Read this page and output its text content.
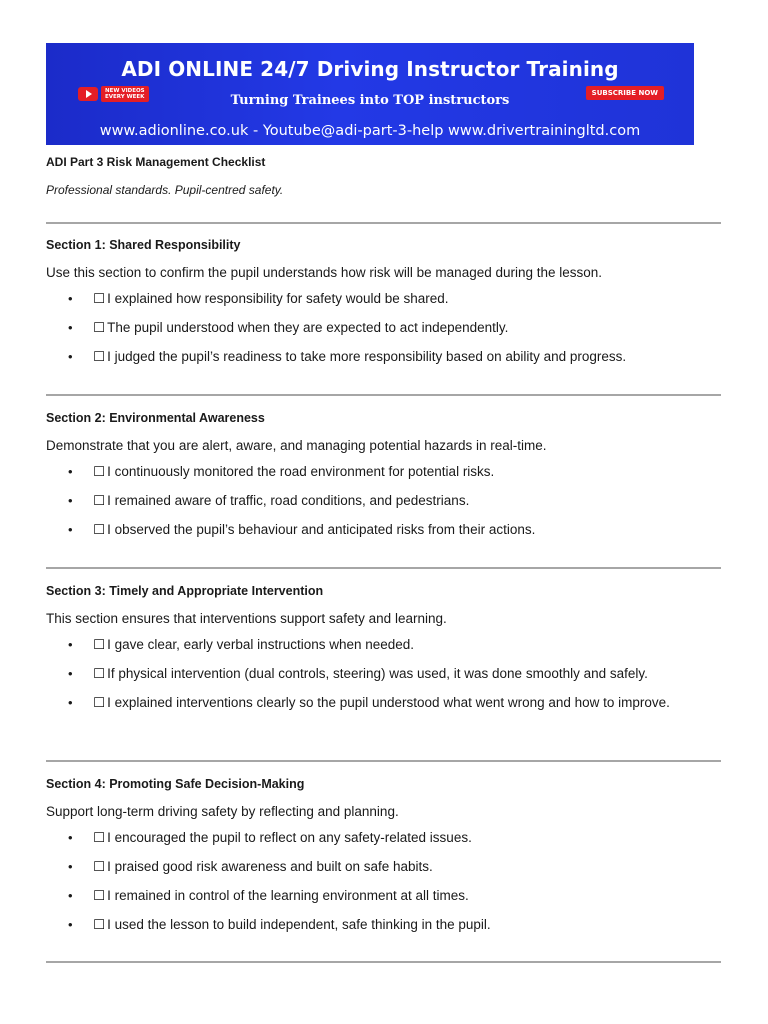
ADI ONLINE 24/7 Driving Instructor Training
NEW VIDEOS
EVERY WEEK	Turning Trainees into TOP instructors	SUBSCRIBE NOW
www.adionline.co.uk - Youtube@adi-part-3-help www.drivertrainingltd.com
ADI Part 3 Risk Management Checklist
Professional standards. Pupil-centred safety.
Section 1: Shared Responsibility
Use this section to confirm the pupil understands how risk will be managed during the lesson.
• ☐ I explained how responsibility for safety would be shared.
• ☐ The pupil understood when they are expected to act independently.
• ☐ I judged the pupil’s readiness to take more responsibility based on ability and progress.
Section 2: Environmental Awareness
Demonstrate that you are alert, aware, and managing potential hazards in real-time.
• ☐ I continuously monitored the road environment for potential risks.
• ☐ I remained aware of traffic, road conditions, and pedestrians.
• ☐ I observed the pupil’s behaviour and anticipated risks from their actions.
Section 3: Timely and Appropriate Intervention
This section ensures that interventions support safety and learning.
• ☐ I gave clear, early verbal instructions when needed.
• ☐ If physical intervention (dual controls, steering) was used, it was done smoothly and safely.
• ☐ I explained interventions clearly so the pupil understood what went wrong and how to improve.
Section 4: Promoting Safe Decision-Making
Support long-term driving safety by reflecting and planning.
• ☐ I encouraged the pupil to reflect on any safety-related issues.
• ☐ I praised good risk awareness and built on safe habits.
• ☐ I remained in control of the learning environment at all times.
• ☐ I used the lesson to build independent, safe thinking in the pupil.
